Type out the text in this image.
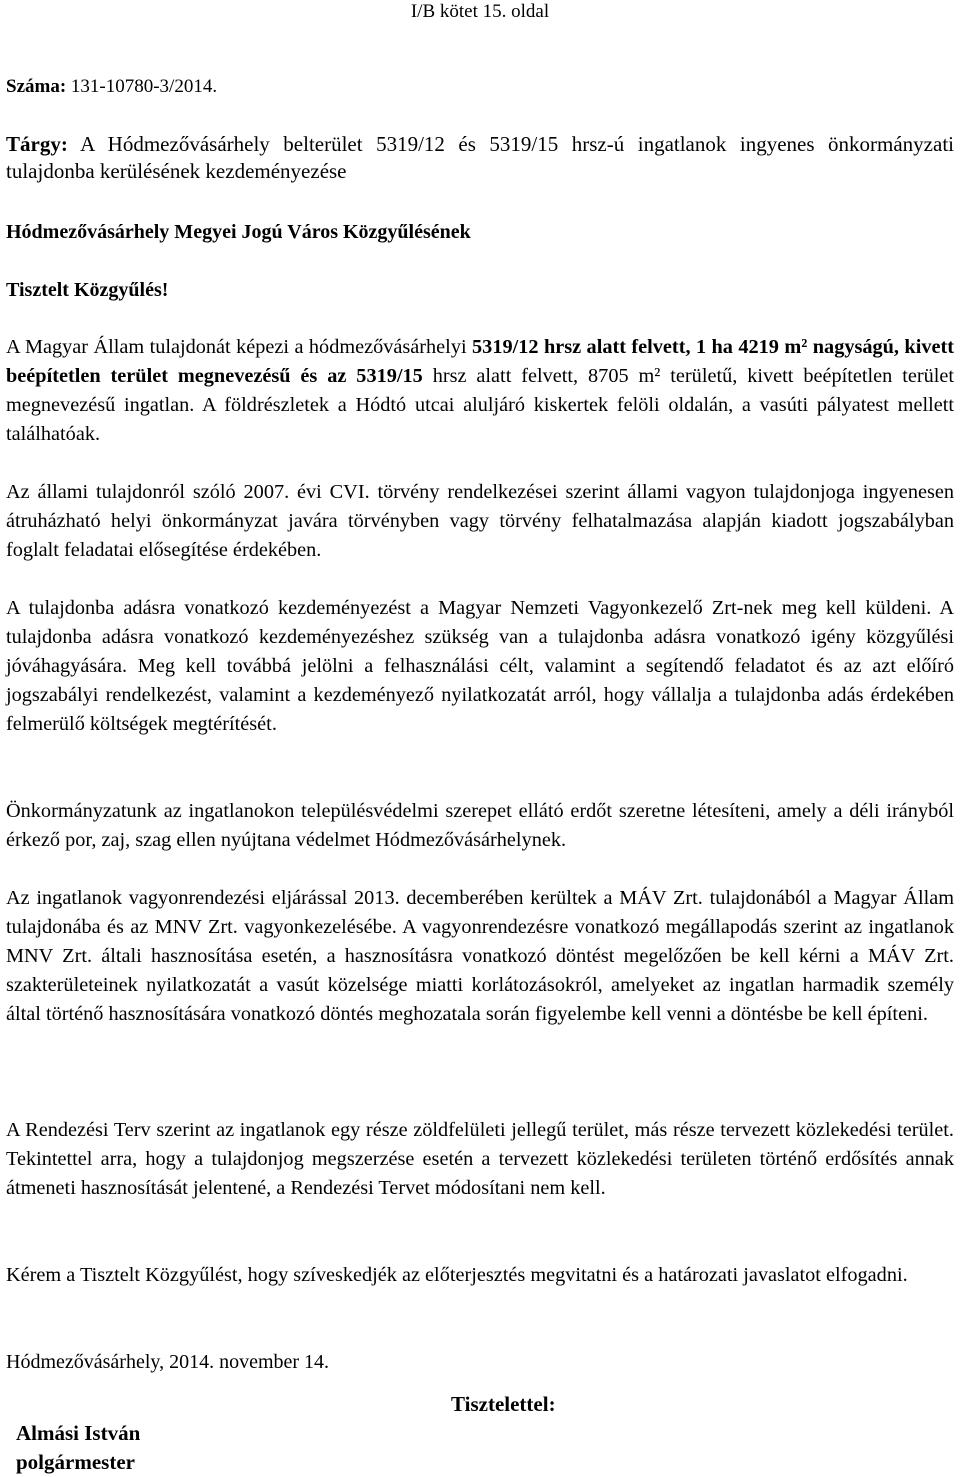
I/B kötet 15. oldal
Száma: 131-10780-3/2014.
Tárgy: A Hódmezővásárhely belterület 5319/12 és 5319/15 hrsz-ú ingatlanok ingyenes önkormányzati tulajdonba kerülésének kezdeményezése
Hódmezővásárhely Megyei Jogú Város Közgyűlésének
Tisztelt Közgyűlés!
A Magyar Állam tulajdonát képezi a hódmezővásárhelyi 5319/12 hrsz alatt felvett, 1 ha 4219 m² nagyságú, kivett beépítetlen terület megnevezésű és az 5319/15 hrsz alatt felvett, 8705 m² területű, kivett beépítetlen terület megnevezésű ingatlan. A földrészletek a Hódtó utcai aluljáró kiskertek felöli oldalán, a vasúti pályatest mellett találhatóak.
Az állami tulajdonról szóló 2007. évi CVI. törvény rendelkezései szerint állami vagyon tulajdonjoga ingyenesen átruházható helyi önkormányzat javára törvényben vagy törvény felhatalmazása alapján kiadott jogszabályban foglalt feladatai elősegítése érdekében.
A tulajdonba adásra vonatkozó kezdeményezést a Magyar Nemzeti Vagyonkezelő Zrt-nek meg kell küldeni. A tulajdonba adásra vonatkozó kezdeményezéshez szükség van a tulajdonba adásra vonatkozó igény közgyűlési jóváhagyására. Meg kell továbbá jelölni a felhasználási célt, valamint a segítendő feladatot és az azt előíró jogszabályi rendelkezést, valamint a kezdeményező nyilatkozatát arról, hogy vállalja a tulajdonba adás érdekében felmerülő költségek megtérítését.
Önkormányzatunk az ingatlanokon településvédelmi szerepet ellátó erdőt szeretne létesíteni, amely a déli irányból érkező por, zaj, szag ellen nyújtana védelmet Hódmezővásárhelynek.
Az ingatlanok vagyonrendezési eljárással 2013. decemberében kerültek a MÁV Zrt. tulajdonából a Magyar Állam tulajdonába és az MNV Zrt. vagyonkezelésébe. A vagyonrendezésre vonatkozó megállapodás szerint az ingatlanok MNV Zrt. általi hasznosítása esetén, a hasznosításra vonatkozó döntést megelőzően be kell kérni a MÁV Zrt. szakterületeinek nyilatkozatát a vasút közelsége miatti korlátozásokról, amelyeket az ingatlan harmadik személy által történő hasznosítására vonatkozó döntés meghozatala során figyelembe kell venni a döntésbe be kell építeni.
A Rendezési Terv szerint az ingatlanok egy része zöldfelületi jellegű terület, más része tervezett közlekedési terület. Tekintettel arra, hogy a tulajdonjog megszerzése esetén a tervezett közlekedési területen történő erdősítés annak átmeneti hasznosítását jelentené, a Rendezési Tervet módosítani nem kell.
Kérem a Tisztelt Közgyűlést, hogy szíveskedjék az előterjesztés megvitatni és a határozati javaslatot elfogadni.
Hódmezővásárhely, 2014. november 14.
Tisztelettel:
Almási István
polgármester
